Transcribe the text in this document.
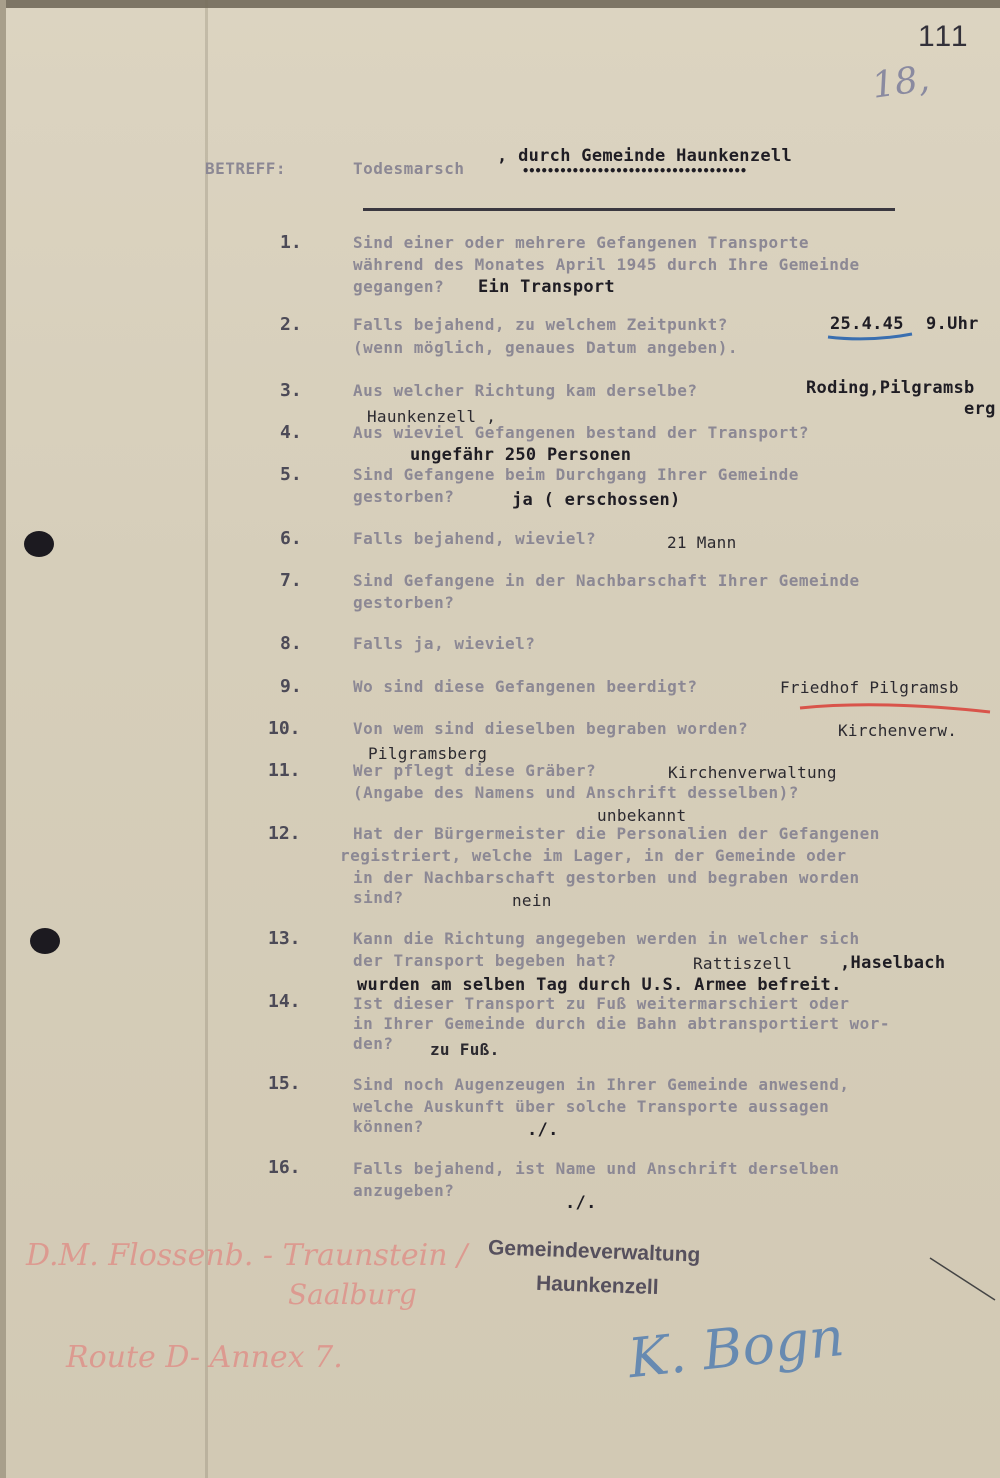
111
18,
BETREFF:	Todesmarsch
, durch Gemeinde Haunkenzell
••••••••••••••••••••••••••••••••••••
1.	Sind einer oder mehrere Gefangenen Transporte
während des Monates April 1945 durch Ihre Gemeinde
gegangen? Ein Transport
2.	Falls bejahend, zu welchem Zeitpunkt?
(wenn möglich, genaues Datum angeben).
25.4.45 9.Uhr
3.	Aus welcher Richtung kam derselbe?	Roding,Pilgramsb
erg
Haunkenzell ,
4.	Aus wieviel Gefangenen bestand der Transport?
ungefähr 250 Personen
5.	Sind Gefangene beim Durchgang Ihrer Gemeinde
gestorben?	ja ( erschossen)
6.	Falls bejahend, wieviel?	21 Mann
7.	Sind Gefangene in der Nachbarschaft Ihrer Gemeinde
gestorben?
8.	Falls ja, wieviel?
9.	Wo sind diese Gefangenen beerdigt?	Friedhof Pilgramsb
10.	Von wem sind dieselben begraben worden?	Kirchenverw.
Pilgramsberg
11.	Wer pflegt diese Gräber?
(Angabe des Namens und Anschrift desselben)?
Kirchenverwaltung
unbekannt
12.	Hat der Bürgermeister die Personalien der Gefangenen
registriert, welche im Lager, in der Gemeinde oder
in der Nachbarschaft gestorben und begraben worden
sind?	nein
13.	Kann die Richtung angegeben werden in welcher sich
der Transport begeben hat?	Rattiszell	,Haselbach
wurden am selben Tag durch U.S. Armee befreit.
14.	Ist dieser Transport zu Fuß weitermarschiert oder
in Ihrer Gemeinde durch die Bahn abtransportiert wor-
den? zu Fuß.
15.	Sind noch Augenzeugen in Ihrer Gemeinde anwesend,
welche Auskunft über solche Transporte aussagen
können?	./.
16.	Falls bejahend, ist Name und Anschrift derselben
anzugeben?
./.
Gemeindeverwaltung
Haunkenzell
D.M. Flossenb. - Traunstein /
Saalburg
Route D- Annex 7.	K. Bogn
